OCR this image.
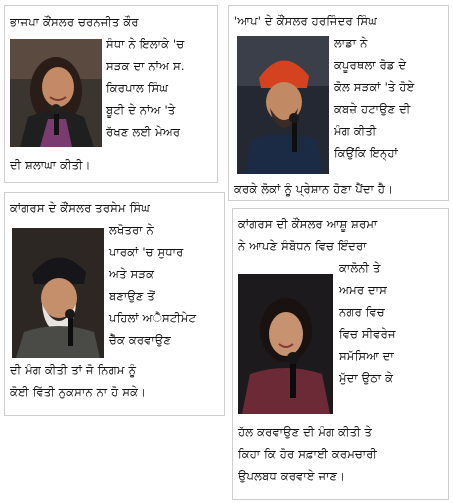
ਭਾਜਪਾ ਕੌਂਸਲਰ ਚਰਨਜੀਤ ਕੌਰ
ਸੰਧਾ ਨੇ ਇਲਾਕੇ 'ਚ
ਸੜਕ ਦਾ ਨਾਂਅ ਸ.
ਕਿਰਪਾਲ ਸਿੰਘ
ਬੂਟੀ ਦੇ ਨਾਂਅ 'ਤੇ
ਰੱਖਣ ਲਈ ਮੇਅਰ
ਦੀ ਸ਼ਲਾਘਾ ਕੀਤੀ।
'ਆਪ' ਦੇ ਕੌਂਸਲਰ ਹਰਜਿੰਦਰ ਸਿੰਘ
ਲਾਡਾ ਨੇ
ਕਪੂਰਥਲਾ ਰੋਡ ਦੇ
ਕੋਲ ਸੜਕਾਂ 'ਤੇ ਹੋਏ
ਕਬਜ਼ੇ ਹਟਾਉਣ ਦੀ
ਮੰਗ ਕੀਤੀ
ਕਿਉਂਕਿ ਇਨ੍ਹਾਂ
ਕਰਕੇ ਲੋਕਾਂ ਨੂੰ ਪ੍ਰੇਸ਼ਾਨ ਹੋਣਾ ਪੈਂਦਾ ਹੈ।
ਕਾਂਗਰਸ ਦੇ ਕੌਂਸਲਰ ਤਰਸੇਮ ਸਿੰਘ
ਲਖੋਤਰਾ ਨੇ
ਪਾਰਕਾਂ 'ਚ ਸੁਧਾਰ
ਅਤੇ ਸੜਕ
ਬਣਾਉਣ ਤੋਂ
ਪਹਿਲਾਂ ਅੈਸਟੀਮੇਟ
ਚੈੱਕ ਕਰਵਾਉਣ
ਦੀ ਮੰਗ ਕੀਤੀ ਤਾਂ ਜੋ ਨਿਗਮ ਨੂੰ
ਕੋਈ ਵਿੱਤੀ ਨੁਕਸਾਨ ਨਾ ਹੋ ਸਕੇ।
ਕਾਂਗਰਸ ਦੀ ਕੌਂਸਲਰ ਆਸ਼ੂ ਸ਼ਰਮਾ
ਨੇ ਆਪਣੇ ਸੰਬੋਧਨ ਵਿਚ ਇੰਦਰਾ
ਕਾਲੋਨੀ ਤੇ
ਅਮਰ ਦਾਸ
ਨਗਰ ਵਿਚ
ਵਿਚ ਸੀਵਰੇਜ
ਸਮੱਸਿਆ ਦਾ
ਮੁੱਦਾ ਉਠਾ ਕੇ
ਹੱਲ ਕਰਵਾਉਣ ਦੀ ਮੰਗ ਕੀਤੀ ਤੇ
ਕਿਹਾ ਕਿ ਹੋਰ ਸਫ਼ਾਈ ਕਰਮਚਾਰੀ
ਉਪਲਬਧ ਕਰਵਾਏ ਜਾਣ।
